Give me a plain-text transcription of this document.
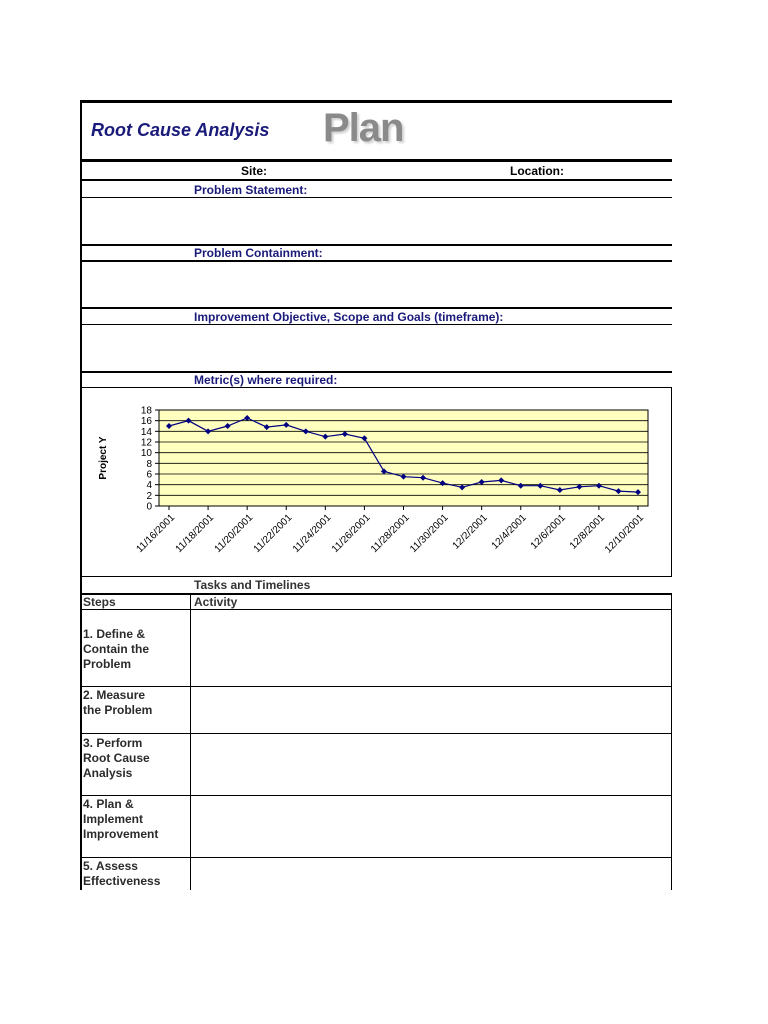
Root Cause Analysis Plan
Site:	Location:
Problem Statement:
Problem Containment:
Improvement Objective, Scope and Goals (timeframe):
Metric(s) where required:
0
2
4
6
8
10
12
14
16
18
Project Y
11/16/2001
11/18/2001
11/20/2001
11/22/2001
11/24/2001
11/26/2001
11/28/2001
11/30/2001 12/2/2001 12/4/2001 12/6/2001 12/8/2001
12/10/2001
Tasks and Timelines
Steps	Activity
1. Define &
Contain the
Problem
2. Measure
the Problem
3. Perform
Root Cause
Analysis
4. Plan &
Implement
Improvement
5. Assess
Effectiveness
